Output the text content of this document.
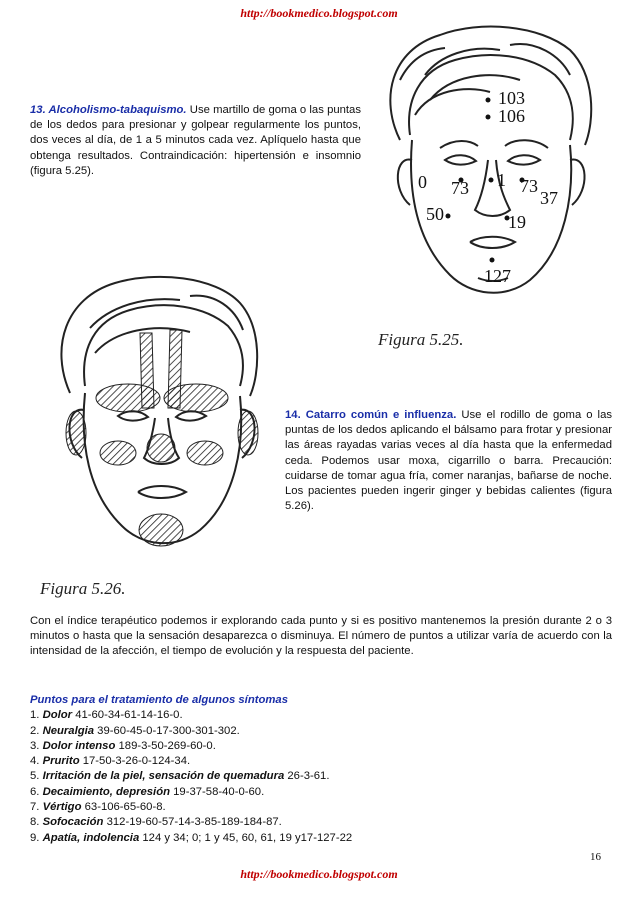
http://bookmedico.blogspot.com
103
106
1
73	73
37
0
50	19
127
Figura 5.25.
13. Alcoholismo-tabaquismo. Use martillo de goma o las puntas de los dedos para presionar y golpear regularmente los puntos, dos veces al día, de 1 a 5 minutos cada vez. Aplíquelo hasta que obtenga resultados. Contraindicación: hipertensión e insomnio (figura 5.25).
14. Catarro común e influenza. Use el rodillo de goma o las puntas de los dedos aplicando el bálsamo para frotar y presionar las áreas rayadas varias veces al día hasta que la enfermedad ceda. Podemos usar moxa, cigarrillo o barra. Precaución: cuidarse de tomar agua fría, comer naranjas, bañarse de noche. Los pacientes pueden ingerir ginger y bebidas calientes (figura 5.26).
Figura 5.26.
Con el índice terapéutico podemos ir explorando cada punto y si es positivo mantenemos la presión durante 2 o 3 minutos o hasta que la sensación desaparezca o disminuya. El número de puntos a utilizar varía de acuerdo con la intensidad de la afección, el tiempo de evolución y la respuesta del paciente.
Puntos para el tratamiento de algunos síntomas
1. Dolor 41-60-34-61-14-16-0.
2. Neuralgia 39-60-45-0-17-300-301-302.
3. Dolor intenso 189-3-50-269-60-0.
4. Prurito 17-50-3-26-0-124-34.
5. Irritación de la piel, sensación de quemadura 26-3-61.
6. Decaimiento, depresión 19-37-58-40-0-60.
7. Vértigo 63-106-65-60-8.
8. Sofocación 312-19-60-57-14-3-85-189-184-87.
9. Apatía, indolencia 124 y 34; 0; 1 y 45, 60, 61, 19 y17-127-22
16
http://bookmedico.blogspot.com
